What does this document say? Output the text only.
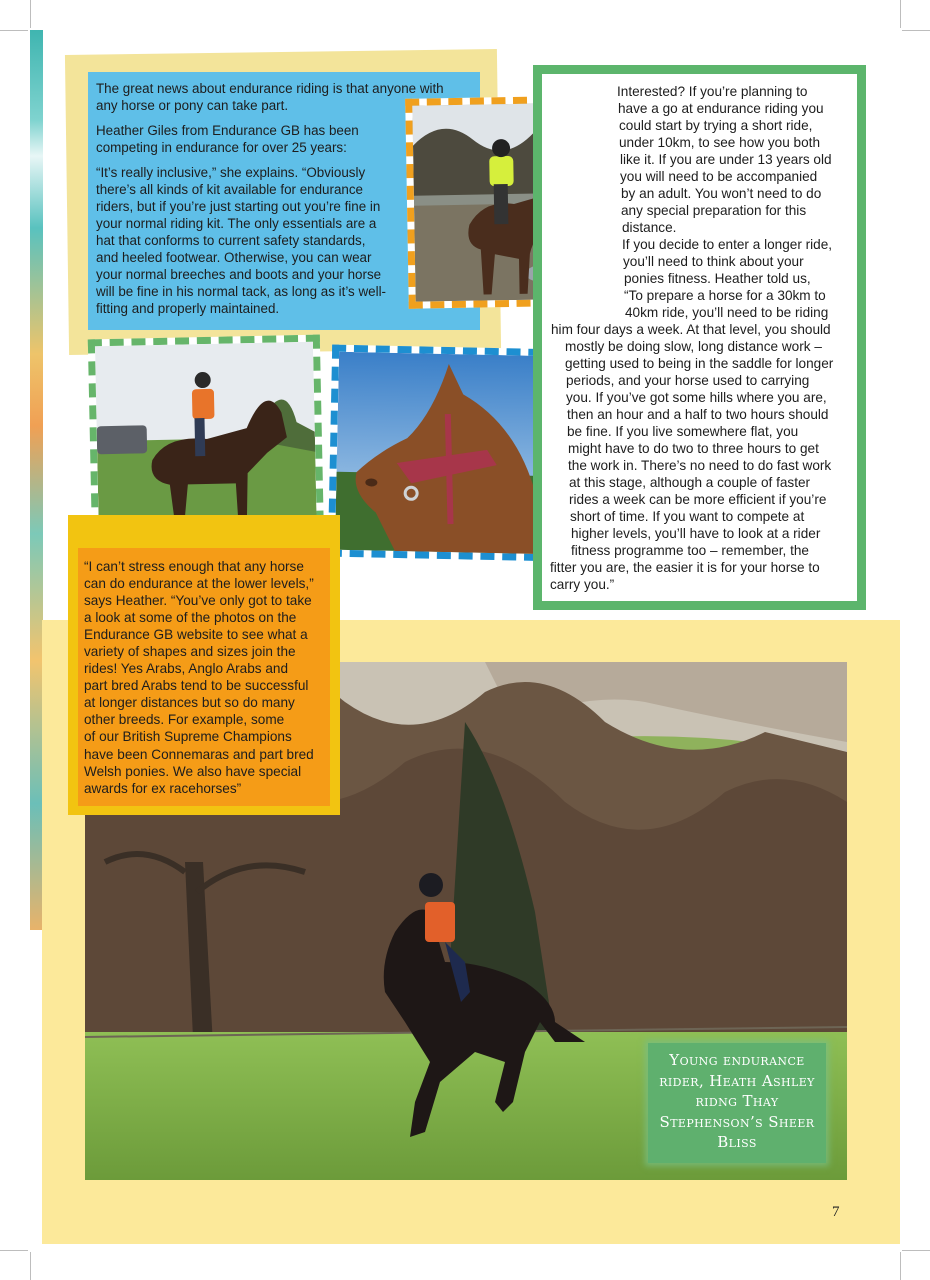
The great news about endurance riding is that anyone with any horse or pony can take part.

Heather Giles from Endurance GB has been competing in endurance for over 25 years:

“It’s really inclusive,” she explains. “Obviously there’s all kinds of kit available for endurance riders, but if you’re just starting out you’re fine in your normal riding kit. The only essentials are a hat that conforms to current safety standards, and heeled footwear. Otherwise, you can wear your normal breeches and boots and your horse will be fine in his normal tack, as long as it’s well-fitting and properly maintained.

Interested? If you’re planning to
have a go at endurance riding you
could start by trying a short ride,
under 10km, to see how you both
like it. If you are under 13 years old
you will need to be accompanied
by an adult. You won’t need to do
any special preparation for this
distance.
If you decide to enter a longer ride,
you’ll need to think about your
ponies fitness. Heather told us,
“To prepare a horse for a 30km to
40km ride, you’ll need to be riding
him four days a week. At that level, you should
mostly be doing slow, long distance work –
getting used to being in the saddle for longer
periods, and your horse used to carrying
you. If you’ve got some hills where you are,
then an hour and a half to two hours should
be fine. If you live somewhere flat, you
might have to do two to three hours to get
the work in. There’s no need to do fast work
at this stage, although a couple of faster
rides a week can be more efficient if you’re
short of time. If you want to compete at
higher levels, you’ll have to look at a rider
fitness programme too – remember, the
fitter you are, the easier it is for your horse to
carry you.”
“I can’t stress enough that any horse
can do endurance at the lower levels,”
says Heather. “You’ve only got to take
a look at some of the photos on the
Endurance GB website to see what a
variety of shapes and sizes join the
rides! Yes Arabs, Anglo Arabs and
part bred Arabs tend to be successful
at longer distances but so do many
other breeds. For example, some
of our British Supreme Champions
have been Connemaras and part bred
Welsh ponies. We also have special
awards for ex racehorses”
Young endurance rider, Heath Ashley ridng Thay Stephenson’s Sheer Bliss
7
